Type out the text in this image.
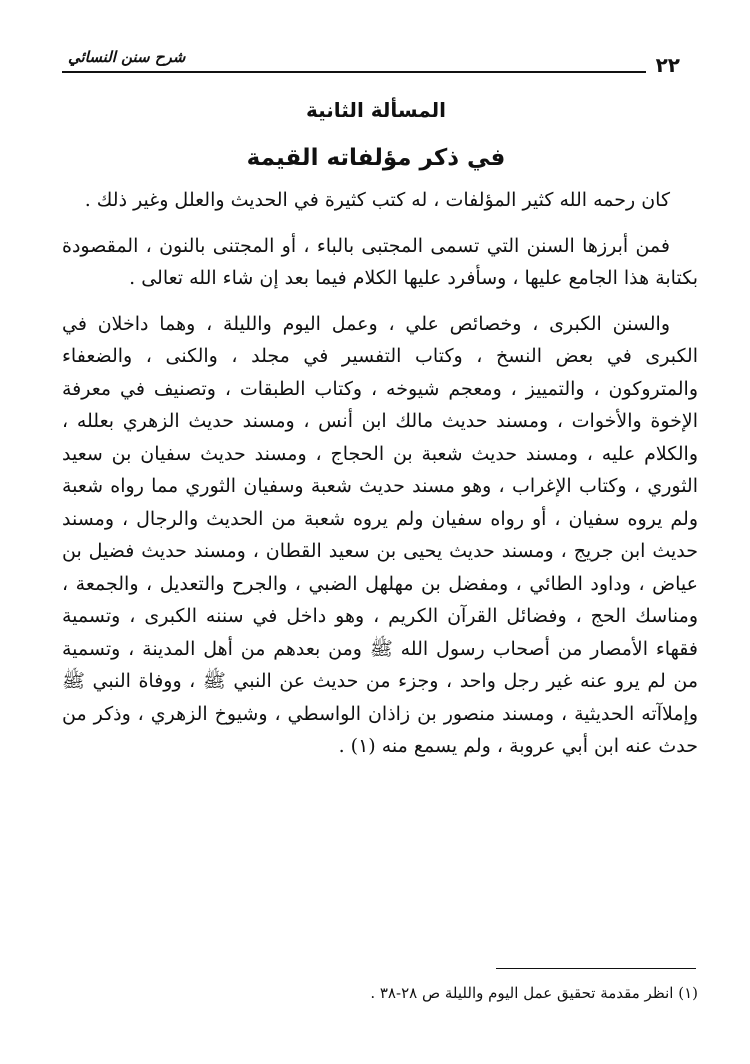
٢٢
شرح سنن النسائي
المسألة الثانية
في ذكر مؤلفاته القيمة

كان رحمه الله كثير المؤلفات ، له كتب كثيرة في الحديث والعلل وغير ذلك .

فمن أبرزها السنن التي تسمى المجتبى بالباء ، أو المجتنى بالنون ، المقصودة بكتابة هذا الجامع عليها ، وسأفرد عليها الكلام فيما بعد إن شاء الله تعالى .

والسنن الكبرى ، وخصائص علي ، وعمل اليوم والليلة ، وهما داخلان في الكبرى في بعض النسخ ، وكتاب التفسير في مجلد ، والكنى ، والضعفاء والمتروكون ، والتمييز ، ومعجم شيوخه ، وكتاب الطبقات ، وتصنيف في معرفة الإخوة والأخوات ، ومسند حديث مالك ابن أنس ، ومسند حديث الزهري بعلله ، والكلام عليه ، ومسند حديث شعبة بن الحجاج ، ومسند حديث سفيان بن سعيد الثوري ، وكتاب الإغراب ، وهو مسند حديث شعبة وسفيان الثوري مما رواه شعبة ولم يروه سفيان ، أو رواه سفيان ولم يروه شعبة من الحديث والرجال ، ومسند حديث ابن جريج ، ومسند حديث يحيى بن سعيد القطان ، ومسند حديث فضيل بن عياض ، وداود الطائي ، ومفضل بن مهلهل الضبي ، والجرح والتعديل ، والجمعة ، ومناسك الحج ، وفضائل القرآن الكريم ، وهو داخل في سننه الكبرى ، وتسمية فقهاء الأمصار من أصحاب رسول الله ﷺ ومن بعدهم من أهل المدينة ، وتسمية من لم يرو عنه غير رجل واحد ، وجزء من حديث عن النبي ﷺ ، ووفاة النبي ﷺ وإملاآته الحديثية ، ومسند منصور بن زاذان الواسطي ، وشيوخ الزهري ، وذكر من حدث عنه ابن أبي عروبة ، ولم يسمع منه (١) .

(١) انظر مقدمة تحقيق عمل اليوم والليلة ص ٢٨-٣٨ .
